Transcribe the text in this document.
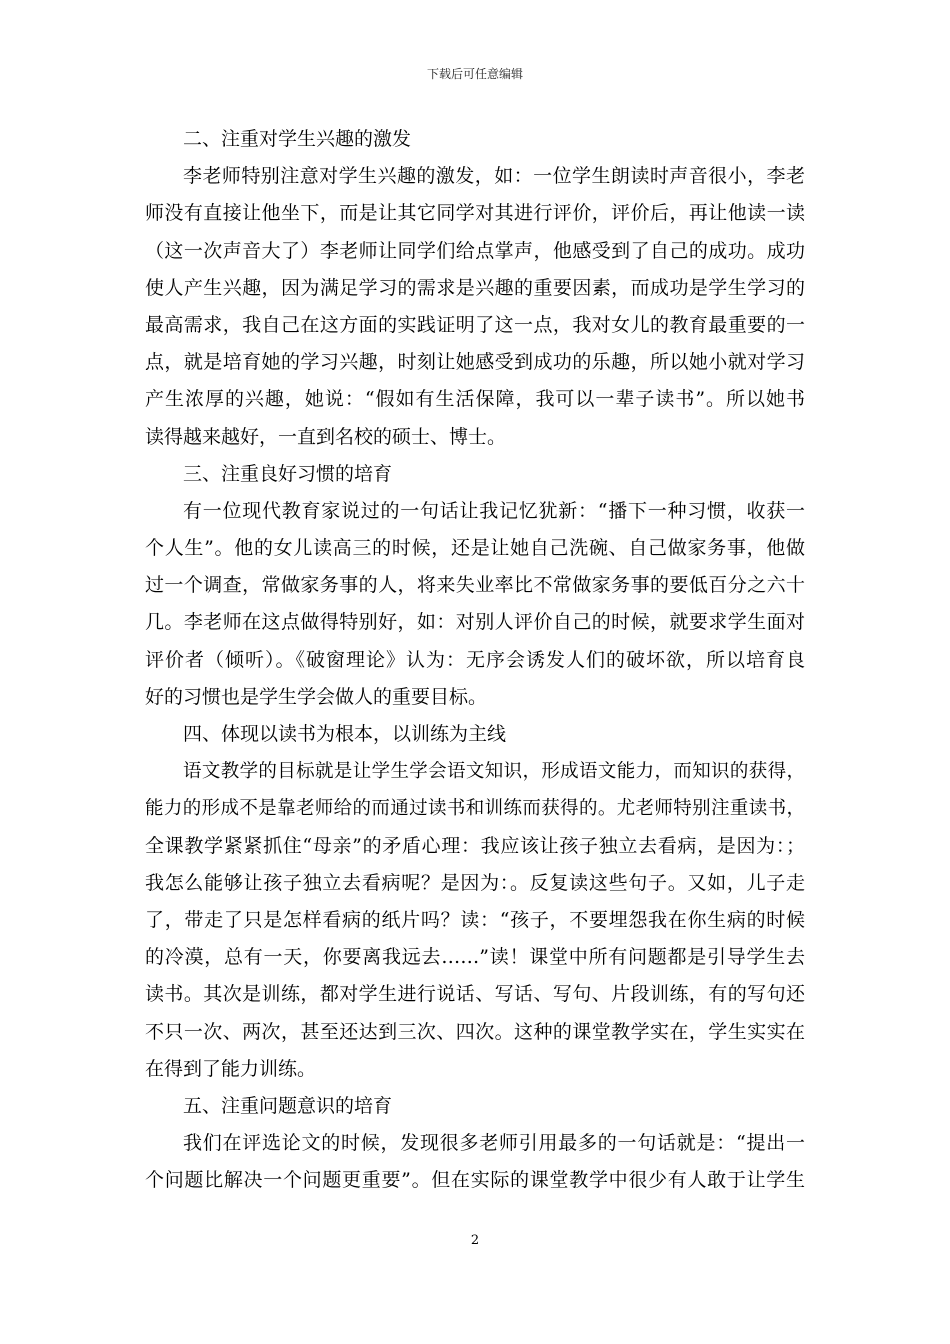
下载后可任意编辑
二、注重对学生兴趣的激发
李老师特别注意对学生兴趣的激发，如：一位学生朗读时声音很小，李老
师没有直接让他坐下，而是让其它同学对其进行评价，评价后，再让他读一读
（这一次声音大了）李老师让同学们给点掌声，他感受到了自己的成功。成功
使人产生兴趣，因为满足学习的需求是兴趣的重要因素，而成功是学生学习的
最高需求，我自己在这方面的实践证明了这一点，我对女儿的教育最重要的一
点，就是培育她的学习兴趣，时刻让她感受到成功的乐趣，所以她小就对学习
产生浓厚的兴趣，她说：“假如有生活保障，我可以一辈子读书”。所以她书
读得越来越好，一直到名校的硕士、博士。
三、注重良好习惯的培育
有一位现代教育家说过的一句话让我记忆犹新：“播下一种习惯，收获一
个人生”。他的女儿读高三的时候，还是让她自己洗碗、自己做家务事，他做
过一个调查，常做家务事的人，将来失业率比不常做家务事的要低百分之六十
几。李老师在这点做得特别好，如：对别人评价自己的时候，就要求学生面对
评价者（倾听）。《破窗理论》认为：无序会诱发人们的破坏欲，所以培育良
好的习惯也是学生学会做人的重要目标。
四、体现以读书为根本，以训练为主线
语文教学的目标就是让学生学会语文知识，形成语文能力，而知识的获得，
能力的形成不是靠老师给的而通过读书和训练而获得的。尤老师特别注重读书，
全课教学紧紧抓住“母亲”的矛盾心理：我应该让孩子独立去看病，是因为：；
我怎么能够让孩子独立去看病呢？是因为：。反复读这些句子。又如，儿子走
了，带走了只是怎样看病的纸片吗？读：“孩子，不要埋怨我在你生病的时候
的冷漠，总有一天，你要离我远去……”读！课堂中所有问题都是引导学生去
读书。其次是训练，都对学生进行说话、写话、写句、片段训练，有的写句还
不只一次、两次，甚至还达到三次、四次。这种的课堂教学实在，学生实实在
在得到了能力训练。
五、注重问题意识的培育
我们在评选论文的时候，发现很多老师引用最多的一句话就是：“提出一
个问题比解决一个问题更重要”。但在实际的课堂教学中很少有人敢于让学生
2
